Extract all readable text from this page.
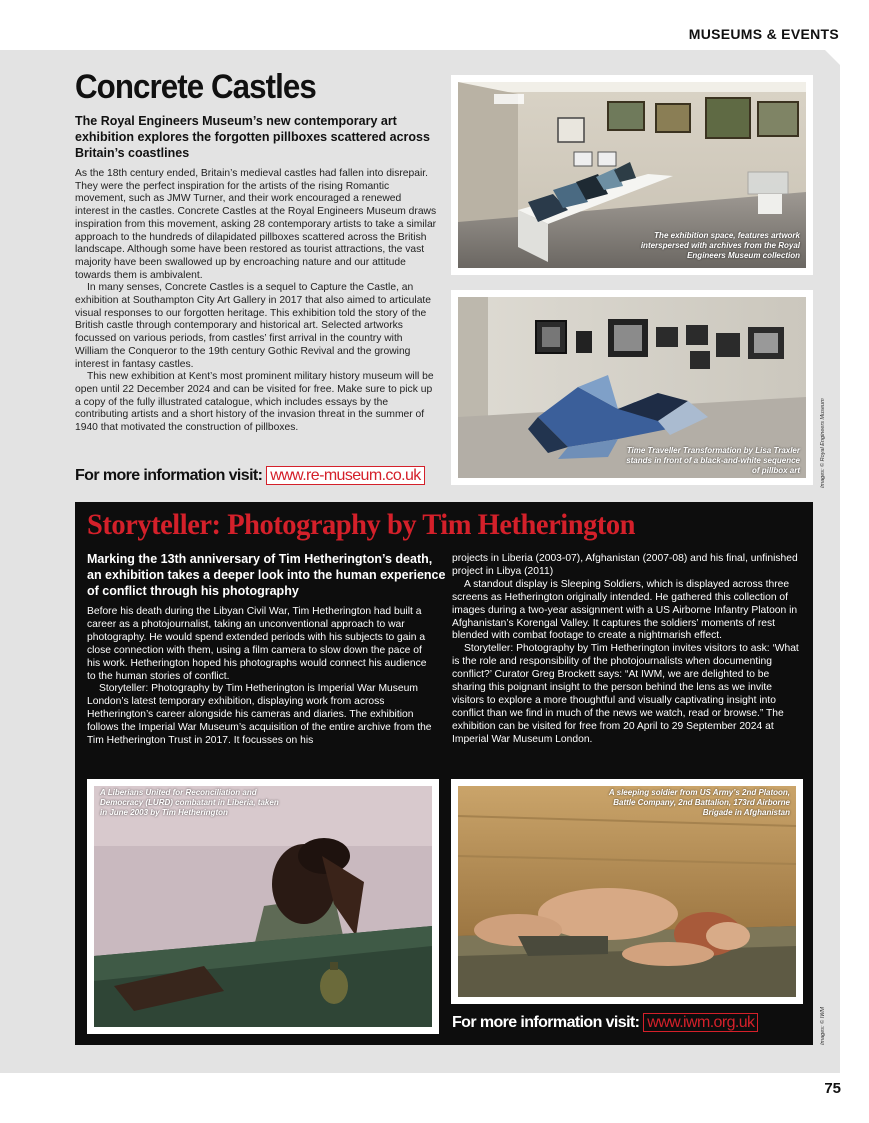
MUSEUMS & EVENTS
Concrete Castles

The Royal Engineers Museum’s new contemporary art exhibition explores the forgotten pillboxes scattered across Britain’s coastlines

As the 18th century ended, Britain’s medieval castles had fallen into disrepair. They were the perfect inspiration for the artists of the rising Romantic movement, such as JMW Turner, and their work encouraged a renewed interest in the castles. Concrete Castles at the Royal Engineers Museum draws inspiration from this movement, asking 28 contemporary artists to take a similar approach to the hundreds of dilapidated pillboxes scattered across the British landscape. Although some have been restored as tourist attractions, the vast majority have been swallowed up by encroaching nature and our attitude towards them is ambivalent.

In many senses, Concrete Castles is a sequel to Capture the Castle, an exhibition at Southampton City Art Gallery in 2017 that also aimed to articulate visual responses to our forgotten heritage. This exhibition told the story of the British castle through contemporary and historical art. Selected artworks focussed on various periods, from castles’ first arrival in the country with William the Conqueror to the 19th century Gothic Revival and the growing interest in fantasy castles.

This new exhibition at Kent’s most prominent military history museum will be open until 22 December 2024 and can be visited for free. Make sure to pick up a copy of the fully illustrated catalogue, which includes essays by the contributing artists and a short history of the invasion threat in the summer of 1940 that motivated the construction of pillboxes.

For more information visit: www.re-museum.co.uk
The exhibition space, features artwork interspersed with archives from the Royal Engineers Museum collection
Time Traveller Transformation by Lisa Traxler stands in front of a black-and-white sequence of pillbox art	Images: © Royal Engineers Museum
Storyteller: Photography by Tim Hetherington

Marking the 13th anniversary of Tim Hetherington’s death, an exhibition takes a deeper look into the human experience of conflict through his photography

Before his death during the Libyan Civil War, Tim Hetherington had built a career as a photojournalist, taking an unconventional approach to war photography. He would spend extended periods with his subjects to gain a close connection with them, using a film camera to slow down the pace of his work. Hetherington hoped his photographs would connect his audience to the human stories of conflict.

Storyteller: Photography by Tim Hetherington is Imperial War Museum London’s latest temporary exhibition, displaying work from across Hetherington’s career alongside his cameras and diaries. The exhibition follows the Imperial War Museum’s acquisition of the entire archive from the Tim Hetherington Trust in 2017. It focusses on his

projects in Liberia (2003-07), Afghanistan (2007-08) and his final, unfinished project in Libya (2011)

A standout display is Sleeping Soldiers, which is displayed across three screens as Hetherington originally intended. He gathered this collection of images during a two-year assignment with a US Airborne Infantry Platoon in Afghanistan’s Korengal Valley. It captures the soldiers’ moments of rest blended with combat footage to create a nightmarish effect.

Storyteller: Photography by Tim Hetherington invites visitors to ask: ‘What is the role and responsibility of the photojournalists when documenting conflict?’ Curator Greg Brockett says: “At IWM, we are delighted to be sharing this poignant insight to the person behind the lens as we invite visitors to explore a more thoughtful and visually captivating insight into conflict than we find in much of the news we watch, read or browse.” The exhibition can be visited for free from 20 April to 29 September 2024 at Imperial War Museum London.

A Liberians United for Reconciliation and Democracy (LURD) combatant in Liberia, taken in June 2003 by Tim Hetherington
A sleeping soldier from US Army’s 2nd Platoon, Battle Company, 2nd Battalion, 173rd Airborne Brigade in Afghanistan
For more information visit: www.iwm.org.uk	Images: © IWM
75
